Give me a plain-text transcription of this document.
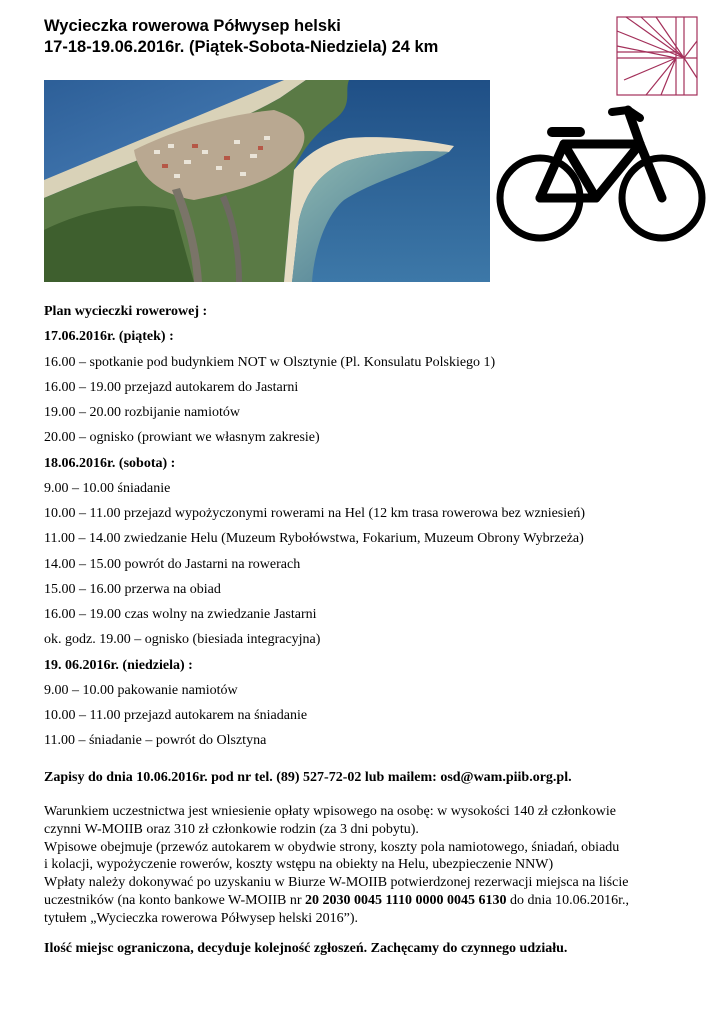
Wycieczka rowerowa Półwysep helski
17-18-19.06.2016r. (Piątek-Sobota-Niedziela) 24 km
Plan wycieczki rowerowej :
17.06.2016r. (piątek) :
16.00 – spotkanie pod budynkiem NOT w Olsztynie (Pl. Konsulatu Polskiego 1)
16.00 – 19.00 przejazd autokarem do Jastarni
19.00 – 20.00 rozbijanie namiotów
20.00 – ognisko (prowiant we własnym zakresie)
18.06.2016r. (sobota) :
9.00 – 10.00 śniadanie
10.00 – 11.00 przejazd wypożyczonymi rowerami na Hel (12 km trasa rowerowa bez wzniesień)
11.00 – 14.00 zwiedzanie Helu (Muzeum Rybołówstwa, Fokarium, Muzeum Obrony Wybrzeża)
14.00 – 15.00 powrót do Jastarni na rowerach
15.00 – 16.00 przerwa na obiad
16.00 – 19.00 czas wolny na zwiedzanie Jastarni
ok. godz. 19.00 – ognisko (biesiada integracyjna)
19. 06.2016r. (niedziela) :
9.00 – 10.00 pakowanie namiotów
10.00 – 11.00 przejazd autokarem na śniadanie
11.00 – śniadanie – powrót do Olsztyna

Zapisy do dnia 10.06.2016r. pod nr tel. (89) 527-72-02 lub mailem: osd@wam.piib.org.pl.

Warunkiem uczestnictwa jest wniesienie opłaty wpisowego na osobę: w wysokości 140 zł członkowie

czynni W-MOIIB oraz 310 zł członkowie rodzin (za 3 dni pobytu).

Wpisowe obejmuje (przewóz autokarem w obydwie strony, koszty pola namiotowego, śniadań, obiadu

i kolacji, wypożyczenie rowerów, koszty wstępu na obiekty na Helu, ubezpieczenie NNW)

Wpłaty należy dokonywać po uzyskaniu w Biurze W-MOIIB potwierdzonej rezerwacji miejsca na liście

uczestników (na konto bankowe W-MOIIB nr 20 2030 0045 1110 0000 0045 6130 do dnia 10.06.2016r.,

tytułem „Wycieczka rowerowa Półwysep helski 2016”).

Ilość miejsc ograniczona, decyduje kolejność zgłoszeń. Zachęcamy do czynnego udziału.
